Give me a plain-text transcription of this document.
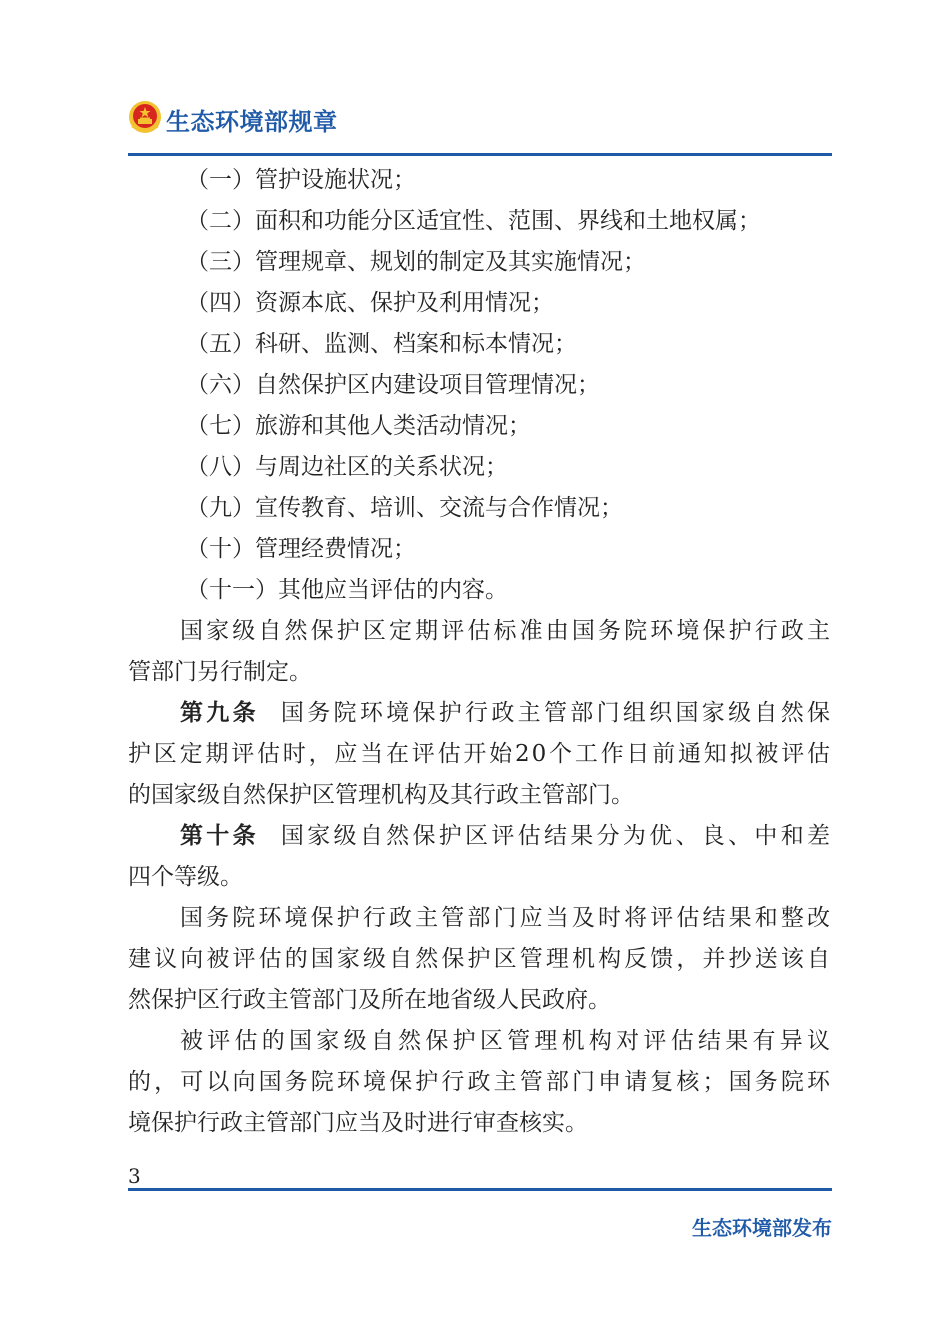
生态环境部规章
（一）管护设施状况；
（二）面积和功能分区适宜性、范围、界线和土地权属；
（三）管理规章、规划的制定及其实施情况；
（四）资源本底、保护及利用情况；
（五）科研、监测、档案和标本情况；
（六）自然保护区内建设项目管理情况；
（七）旅游和其他人类活动情况；
（八）与周边社区的关系状况；
（九）宣传教育、培训、交流与合作情况；
（十）管理经费情况；
（十一）其他应当评估的内容。
国家级自然保护区定期评估标准由国务院环境保护行政主
管部门另行制定。
第九条 国务院环境保护行政主管部门组织国家级自然保
护区定期评估时，应当在评估开始20个工作日前通知拟被评估
的国家级自然保护区管理机构及其行政主管部门。
第十条 国家级自然保护区评估结果分为优、良、中和差
四个等级。
国务院环境保护行政主管部门应当及时将评估结果和整改
建议向被评估的国家级自然保护区管理机构反馈，并抄送该自
然保护区行政主管部门及所在地省级人民政府。
被评估的国家级自然保护区管理机构对评估结果有异议
的，可以向国务院环境保护行政主管部门申请复核；国务院环
境保护行政主管部门应当及时进行审查核实。
3
生态环境部发布
